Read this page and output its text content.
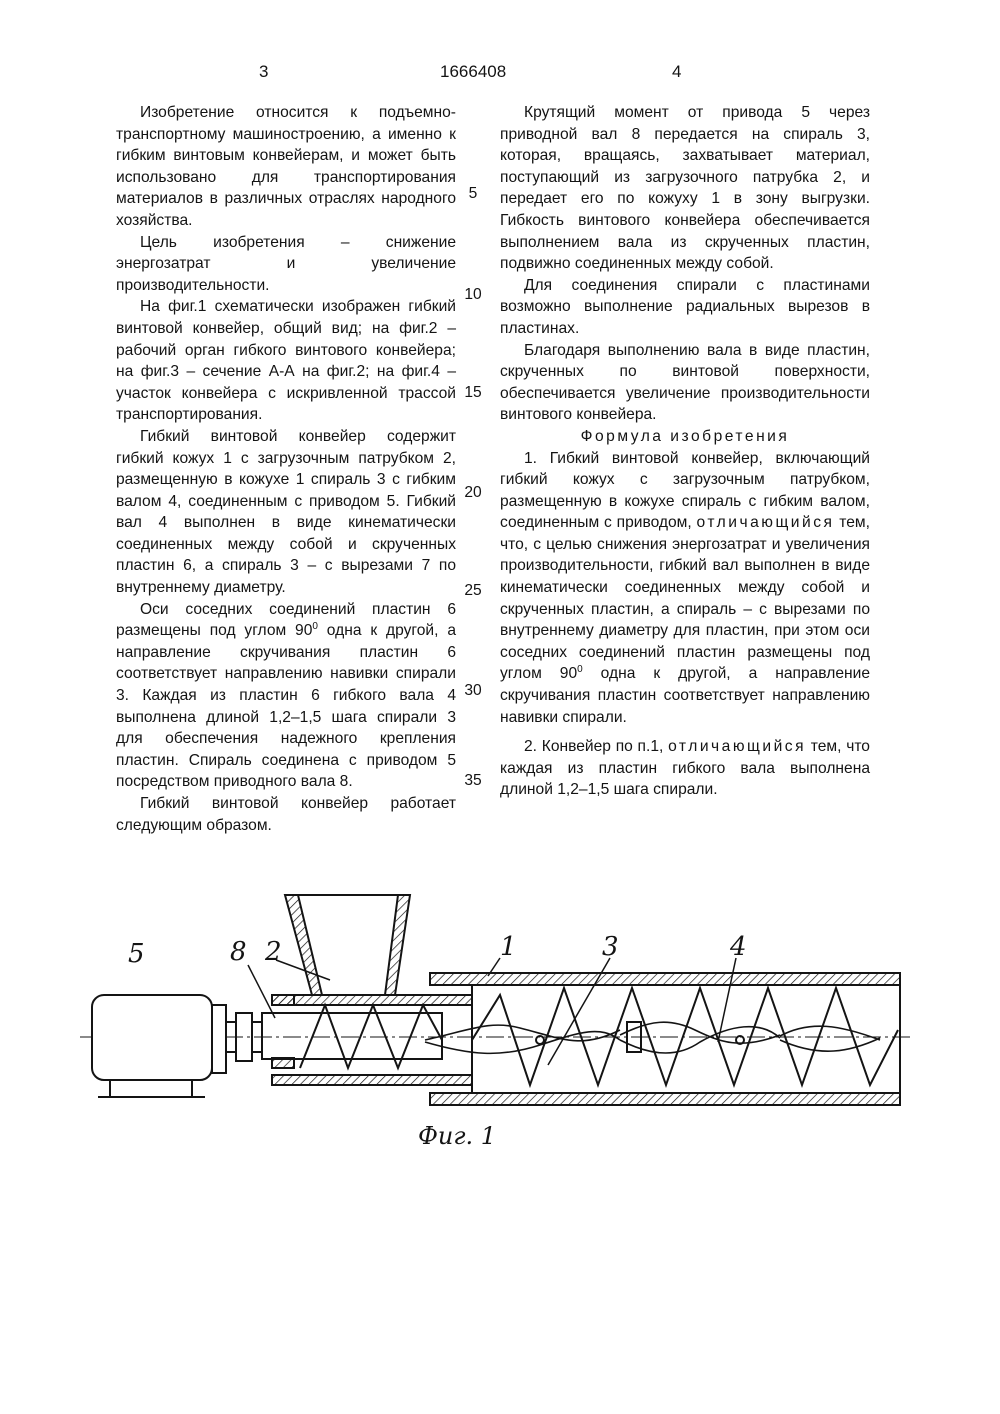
3	1666408	4

Изобретение относится к подъемно-транспортному машиностроению, а именно к гибким винтовым конвейерам, и может быть использовано для транспортирования материалов в различных отраслях народного хозяйства.

Цель изобретения – снижение энергозатрат и увеличение производительности.

На фиг.1 схематически изображен гибкий винтовой конвейер, общий вид; на фиг.2 – рабочий орган гибкого винтового конвейера; на фиг.3 – сечение А-А на фиг.2; на фиг.4 – участок конвейера с искривленной трассой транспортирования.

Гибкий винтовой конвейер содержит гибкий кожух 1 с загрузочным патрубком 2, размещенную в кожухе 1 спираль 3 с гибким валом 4, соединенным с приводом 5. Гибкий вал 4 выполнен в виде кинематически соединенных между собой и скрученных пластин 6, а спираль 3 – с вырезами 7 по внутреннему диаметру.

Оси соседних соединений пластин 6 размещены под углом $90^0$ одна к другой, а направление скручивания пластин 6 соответствует направлению навивки спирали 3. Каждая из пластин 6 гибкого вала 4 выполнена длиной 1,2–1,5 шага спирали 3 для обеспечения надежного крепления пластин. Спираль соединена с приводом 5 посредством приводного вала 8.

Гибкий винтовой конвейер работает следующим образом.

5
10
15
20
25
30
35

Крутящий момент от привода 5 через приводной вал 8 передается на спираль 3, которая, вращаясь, захватывает материал, поступающий из загрузочного патрубка 2, и передает его по кожуху 1 в зону выгрузки. Гибкость винтового конвейера обеспечивается выполнением вала из скрученных пластин, подвижно соединенных между собой.

Для соединения спирали с пластинами возможно выполнение радиальных вырезов в пластинах.

Благодаря выполнению вала в виде пластин, скрученных по винтовой поверхности, обеспечивается увеличение производительности винтового конвейера.

Формула изобретения

1. Гибкий винтовой конвейер, включающий гибкий кожух с загрузочным патрубком, размещенную в кожухе спираль с гибким валом, соединенным с приводом, отличающийся тем, что, с целью снижения энергозатрат и увеличения производительности, гибкий вал выполнен в виде кинематически соединенных между собой и скрученных пластин, а спираль – с вырезами по внутреннему диаметру для пластин, при этом оси соседних соединений пластин размещены под углом $90^0$ одна к другой, а направление скручивания пластин соответствует направлению навивки спирали.

2. Конвейер по п.1, отличающийся тем, что каждая из пластин гибкого вала выполнена длиной 1,2–1,5 шага спирали.

5	8 2	1	3	4
Фиг. 1
